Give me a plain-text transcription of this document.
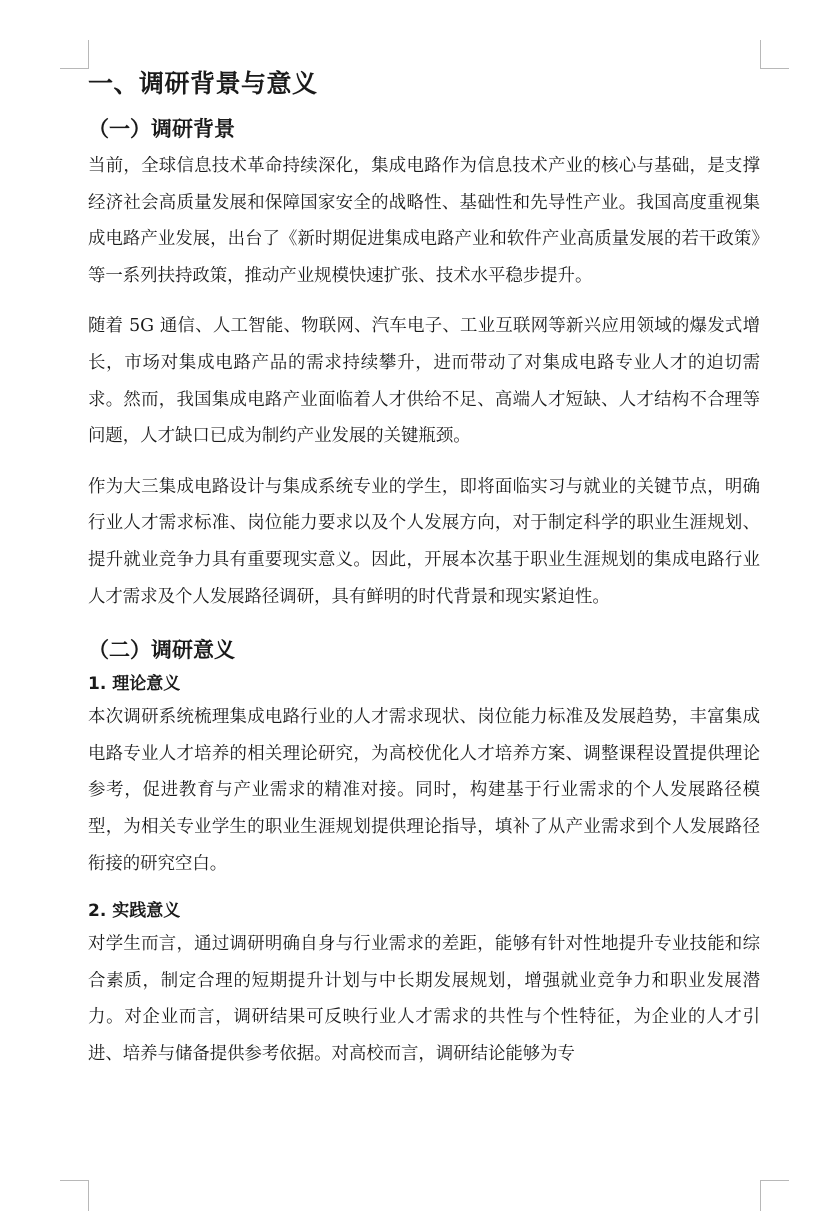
一、调研背景与意义
（一）调研背景

当前，全球信息技术革命持续深化，集成电路作为信息技术产业的核心与基础，是支撑经济社会高质量发展和保障国家安全的战略性、基础性和先导性产业。我国高度重视集成电路产业发展，出台了《新时期促进集成电路产业和软件产业高质量发展的若干政策》等一系列扶持政策，推动产业规模快速扩张、技术水平稳步提升。

随着 5G 通信、人工智能、物联网、汽车电子、工业互联网等新兴应用领域的爆发式增长，市场对集成电路产品的需求持续攀升，进而带动了对集成电路专业人才的迫切需求。然而，我国集成电路产业面临着人才供给不足、高端人才短缺、人才结构不合理等问题，人才缺口已成为制约产业发展的关键瓶颈。

作为大三集成电路设计与集成系统专业的学生，即将面临实习与就业的关键节点，明确行业人才需求标准、岗位能力要求以及个人发展方向，对于制定科学的职业生涯规划、提升就业竞争力具有重要现实意义。因此，开展本次基于职业生涯规划的集成电路行业人才需求及个人发展路径调研，具有鲜明的时代背景和现实紧迫性。

（二）调研意义
1. 理论意义

本次调研系统梳理集成电路行业的人才需求现状、岗位能力标准及发展趋势，丰富集成电路专业人才培养的相关理论研究，为高校优化人才培养方案、调整课程设置提供理论参考，促进教育与产业需求的精准对接。同时，构建基于行业需求的个人发展路径模型，为相关专业学生的职业生涯规划提供理论指导，填补了从产业需求到个人发展路径衔接的研究空白。

2. 实践意义

对学生而言，通过调研明确自身与行业需求的差距，能够有针对性地提升专业技能和综合素质，制定合理的短期提升计划与中长期发展规划，增强就业竞争力和职业发展潜力。对企业而言，调研结果可反映行业人才需求的共性与个性特征，为企业的人才引进、培养与储备提供参考依据。对高校而言，调研结论能够为专
